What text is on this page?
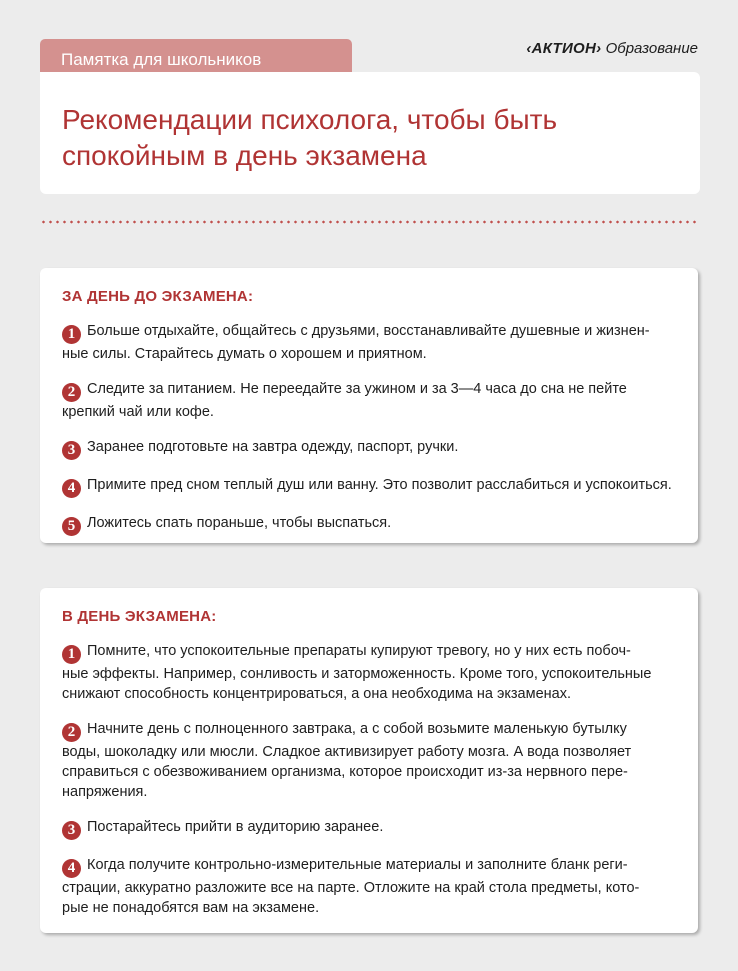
Памятка для школьников
‹АКТИОН› Образование
Рекомендации психолога, чтобы быть
спокойным в день экзамена
ЗА ДЕНЬ ДО ЭКЗАМЕНА:
1 Больше отдыхайте, общайтесь с друзьями, восстанавливайте душевные и жизнен-
ные силы. Старайтесь думать о хорошем и приятном.
2 Следите за питанием. Не переедайте за ужином и за 3—4 часа до сна не пейте
крепкий чай или кофе.
3 Заранее подготовьте на завтра одежду, паспорт, ручки.
4 Примите пред сном теплый душ или ванну. Это позволит расслабиться и успокоиться.
5 Ложитесь спать пораньше, чтобы выспаться.
В ДЕНЬ ЭКЗАМЕНА:
1 Помните, что успокоительные препараты купируют тревогу, но у них есть побоч-
ные эффекты. Например, сонливость и заторможенность. Кроме того, успокоительные
снижают способность концентрироваться, а она необходима на экзаменах.
2 Начните день с полноценного завтрака, а с собой возьмите маленькую бутылку
воды, шоколадку или мюсли. Сладкое активизирует работу мозга. А вода позволяет
справиться с обезвоживанием организма, которое происходит из-за нервного пере-
напряжения.
3 Постарайтесь прийти в аудиторию заранее.
4 Когда получите контрольно-измерительные материалы и заполните бланк реги-
страции, аккуратно разложите все на парте. Отложите на край стола предметы, кото-
рые не понадобятся вам на экзамене.
